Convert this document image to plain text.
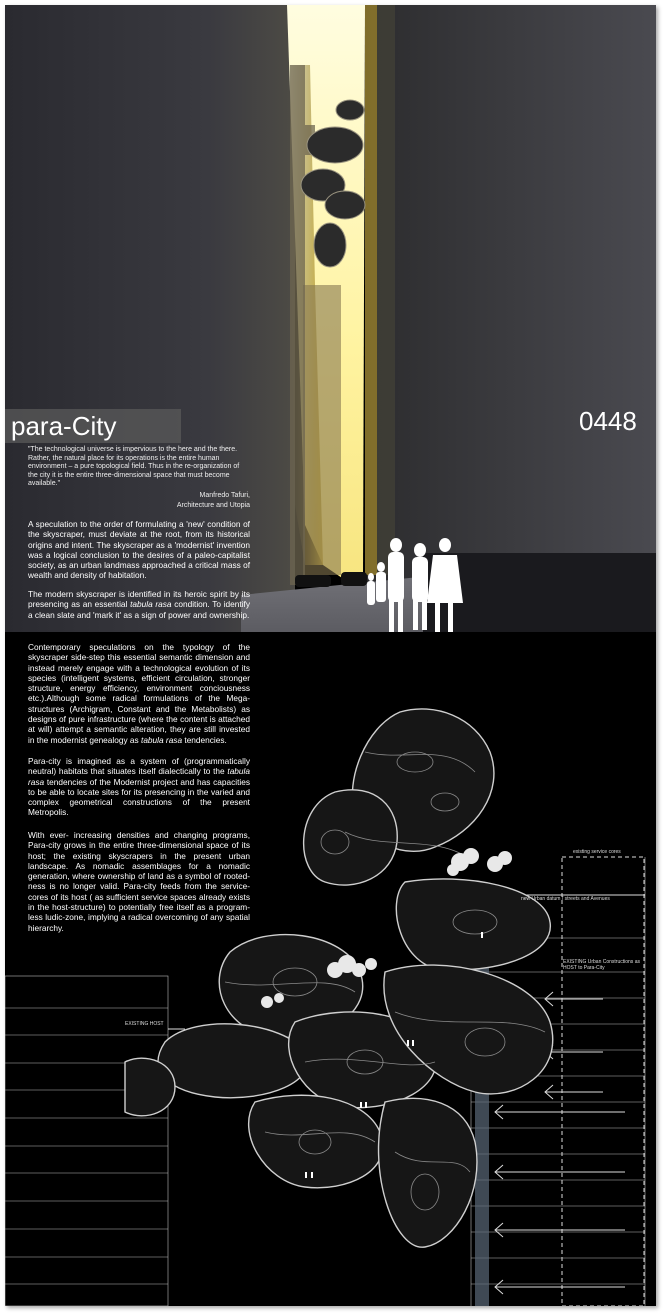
para-City	0448
"The technological universe is impervious to the here and the there. Rather, the natural place for its operations is the entire human environment – a pure topological field. Thus in the re-organization of the city it is the entire three-dimensional space that must become available."
Manfredo Tafuri,
Architecture and Utopia
A speculation to the order of formulating a 'new' condition of the skyscraper, must deviate at the root, from its historical origins and intent. The skyscraper as a 'modernist' invention was a logical conclusion to the desires of a paleo-capitalist society, as an urban landmass approached a critical mass of wealth and density of habitation.
The modern skyscraper is identified in its heroic spirit by its presencing as an essential tabula rasa condition. To identify a clean slate and 'mark it' as a sign of power and ownership.
Contemporary speculations on the typology of the skyscraper side-step this essential semantic dimension and instead merely engage with a technological evolution of its species (intelligent systems, efficient circulation, stronger structure, energy efficiency, environment conciousness etc.).Although some radical formulations of the Mega-structures (Archigram, Constant and the Metabolists) as designs of pure infrastructure (where the content is attached at will) attempt a semantic alteration, they are still invested in the modernist genealogy as tabula rasa tendencies.
Para-city is imagined as a system of (programmatically neutral) habitats that situates itself dialectically to the tabula rasa tendencies of the Modernist project and has capacities to be able to locate sites for its presencing in the varied and complex geometrical constructions of the present Metropolis.
With ever- increasing densities and changing programs, Para-city grows in the entire three-dimensional space of its host; the existing skyscrapers in the present urban landscape. As nomadic assemblages for a nomadic generation, where ownership of land as a symbol of rooted-ness is no longer valid. Para-city feeds from the service-cores of its host ( as sufficient service spaces already exists in the host-structure) to potentially free itself as a program-less ludic-zone, implying a radical overcoming of any spatial hierarchy.
existing service cores
new Urban datum / streets and Avenues
EXISTING Urban Constructions as HOST to Para-City
EXISTING HOST
